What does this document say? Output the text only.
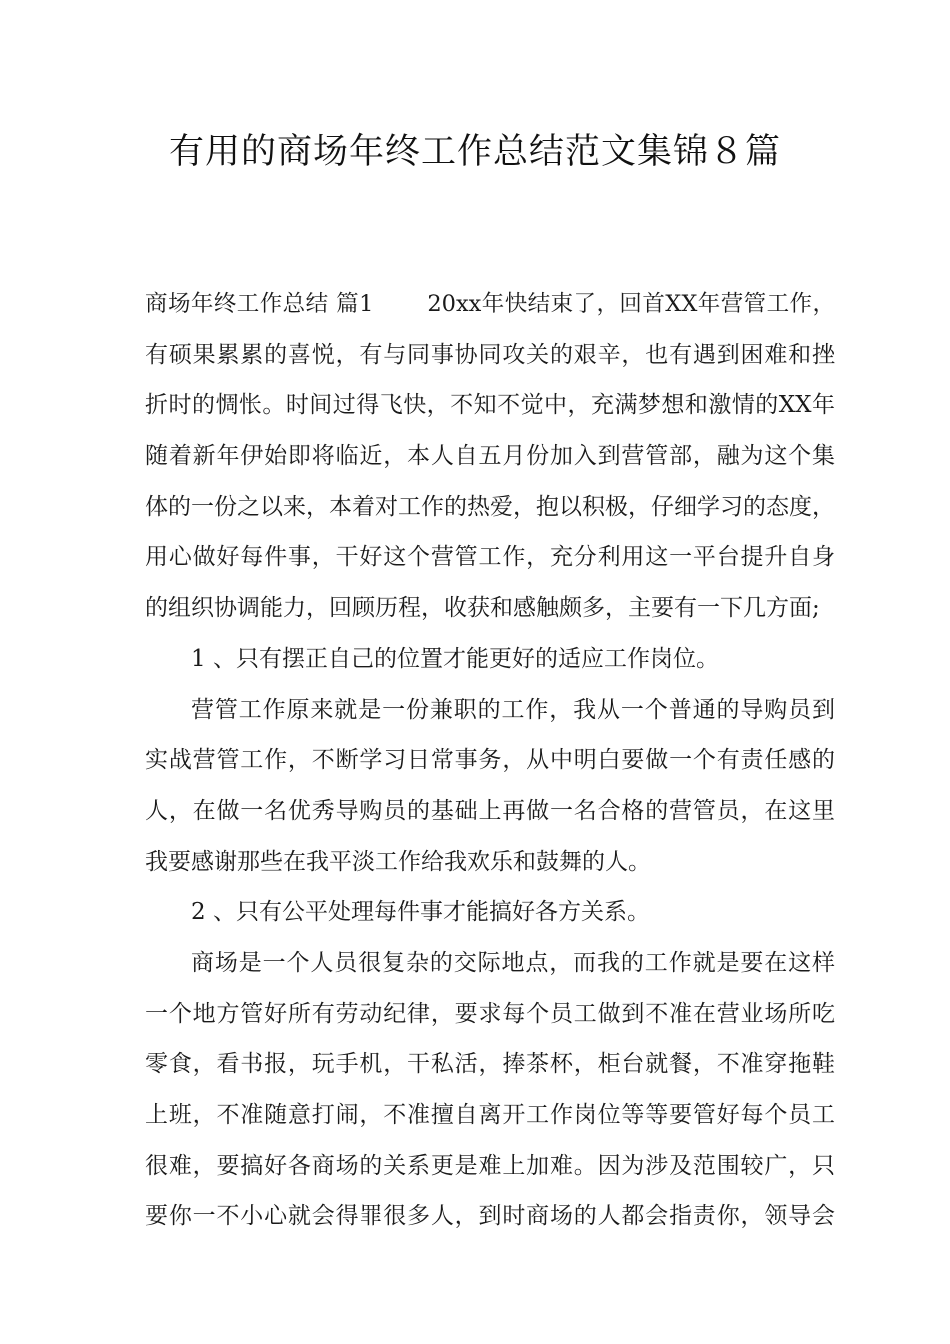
有用的商场年终工作总结范文集锦８篇
商场年终工作总结 篇1　　 20xx年快结束了，回首XX年营管工作，
有硕果累累的喜悦，有与同事协同攻关的艰辛，也有遇到困难和挫
折时的惆怅。时间过得飞快，不知不觉中，充满梦想和激情的XX年
随着新年伊始即将临近，本人自五月份加入到营管部，融为这个集
体的一份之以来，本着对工作的热爱，抱以积极，仔细学习的态度，
用心做好每件事，干好这个营管工作，充分利用这一平台提升自身
的组织协调能力，回顾历程，收获和感触颇多，主要有一下几方面;
1 、只有摆正自己的位置才能更好的适应工作岗位。
营管工作原来就是一份兼职的工作，我从一个普通的导购员到
实战营管工作，不断学习日常事务，从中明白要做一个有责任感的
人，在做一名优秀导购员的基础上再做一名合格的营管员，在这里
我要感谢那些在我平淡工作给我欢乐和鼓舞的人。
2 、只有公平处理每件事才能搞好各方关系。
商场是一个人员很复杂的交际地点，而我的工作就是要在这样
一个地方管好所有劳动纪律，要求每个员工做到不准在营业场所吃
零食，看书报，玩手机，干私活，捧茶杯，柜台就餐，不准穿拖鞋
上班，不准随意打闹，不准擅自离开工作岗位等等要管好每个员工
很难，要搞好各商场的关系更是难上加难。因为涉及范围较广，只
要你一不小心就会得罪很多人，到时商场的人都会指责你，领导会
